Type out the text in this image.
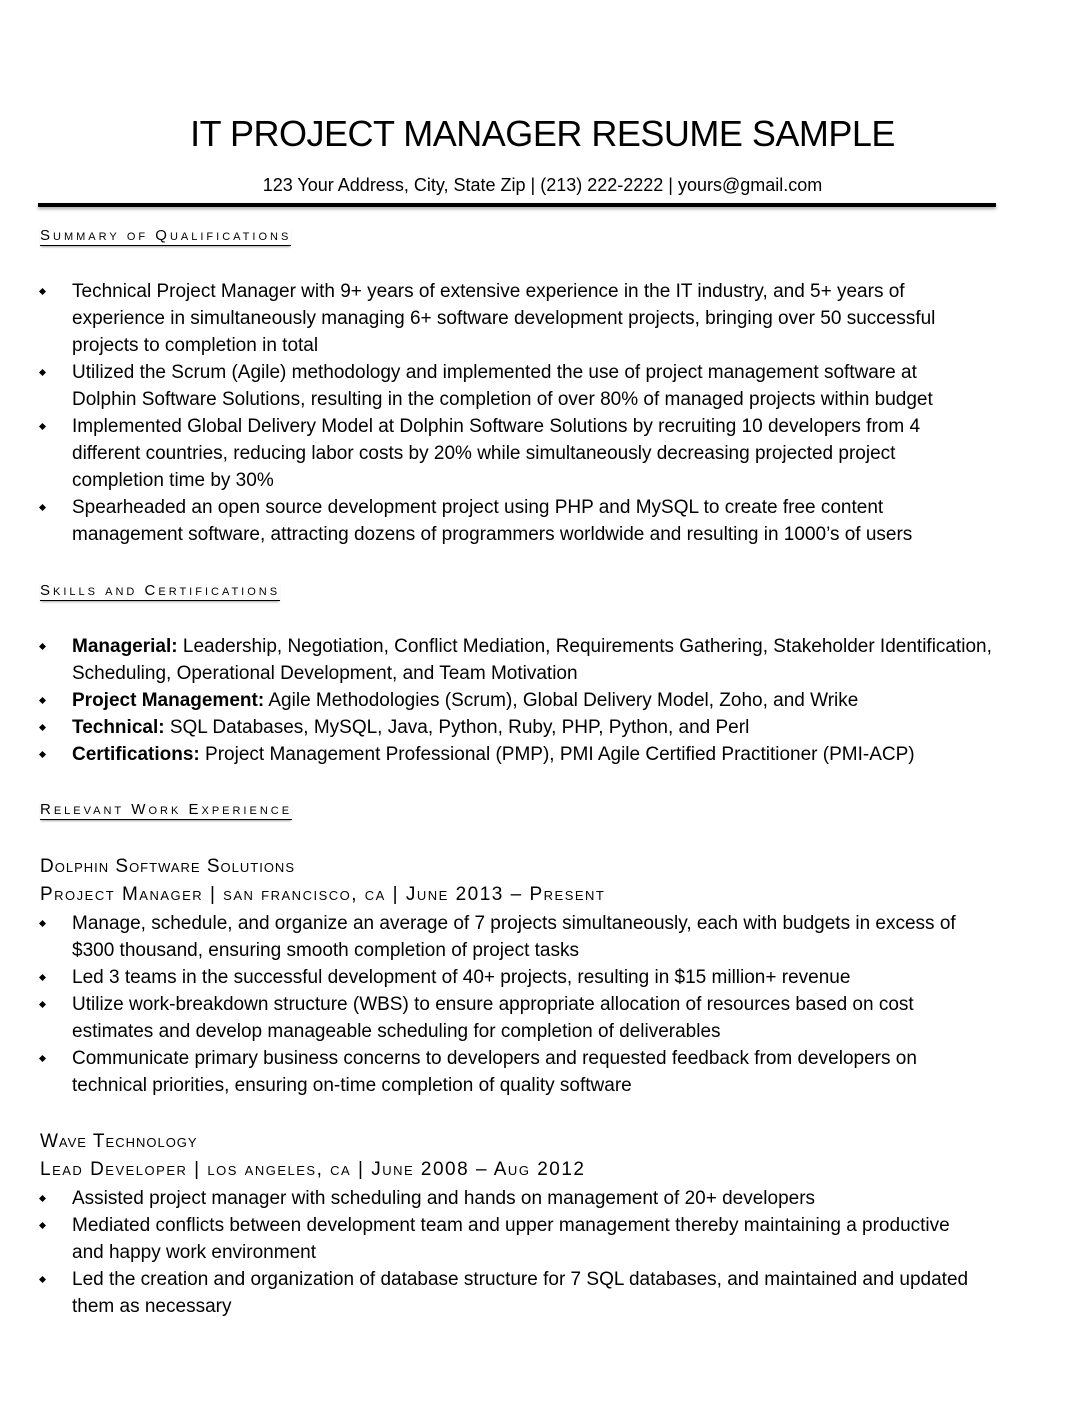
IT PROJECT MANAGER RESUME SAMPLE
123 Your Address, City, State Zip | (213) 222-2222 | yours@gmail.com
Summary of Qualifications
Technical Project Manager with 9+ years of extensive experience in the IT industry, and 5+ years of
experience in simultaneously managing 6+ software development projects, bringing over 50 successful
projects to completion in total
Utilized the Scrum (Agile) methodology and implemented the use of project management software at
Dolphin Software Solutions, resulting in the completion of over 80% of managed projects within budget
Implemented Global Delivery Model at Dolphin Software Solutions by recruiting 10 developers from 4
different countries, reducing labor costs by 20% while simultaneously decreasing projected project
completion time by 30%
Spearheaded an open source development project using PHP and MySQL to create free content
management software, attracting dozens of programmers worldwide and resulting in 1000’s of users
Skills and Certifications
Managerial: Leadership, Negotiation, Conflict Mediation, Requirements Gathering, Stakeholder Identification,
Scheduling, Operational Development, and Team Motivation
Project Management: Agile Methodologies (Scrum), Global Delivery Model, Zoho, and Wrike
Technical: SQL Databases, MySQL, Java, Python, Ruby, PHP, Python, and Perl
Certifications: Project Management Professional (PMP), PMI Agile Certified Practitioner (PMI-ACP)
Relevant Work Experience
Dolphin Software Solutions
Project Manager | san francisco, ca | June 2013 – Present
Manage, schedule, and organize an average of 7 projects simultaneously, each with budgets in excess of
$300 thousand, ensuring smooth completion of project tasks
Led 3 teams in the successful development of 40+ projects, resulting in $15 million+ revenue
Utilize work-breakdown structure (WBS) to ensure appropriate allocation of resources based on cost
estimates and develop manageable scheduling for completion of deliverables
Communicate primary business concerns to developers and requested feedback from developers on
technical priorities, ensuring on-time completion of quality software
Wave Technology
Lead Developer | los angeles, ca | June 2008 – Aug 2012
Assisted project manager with scheduling and hands on management of 20+ developers
Mediated conflicts between development team and upper management thereby maintaining a productive
and happy work environment
Led the creation and organization of database structure for 7 SQL databases, and maintained and updated
them as necessary
